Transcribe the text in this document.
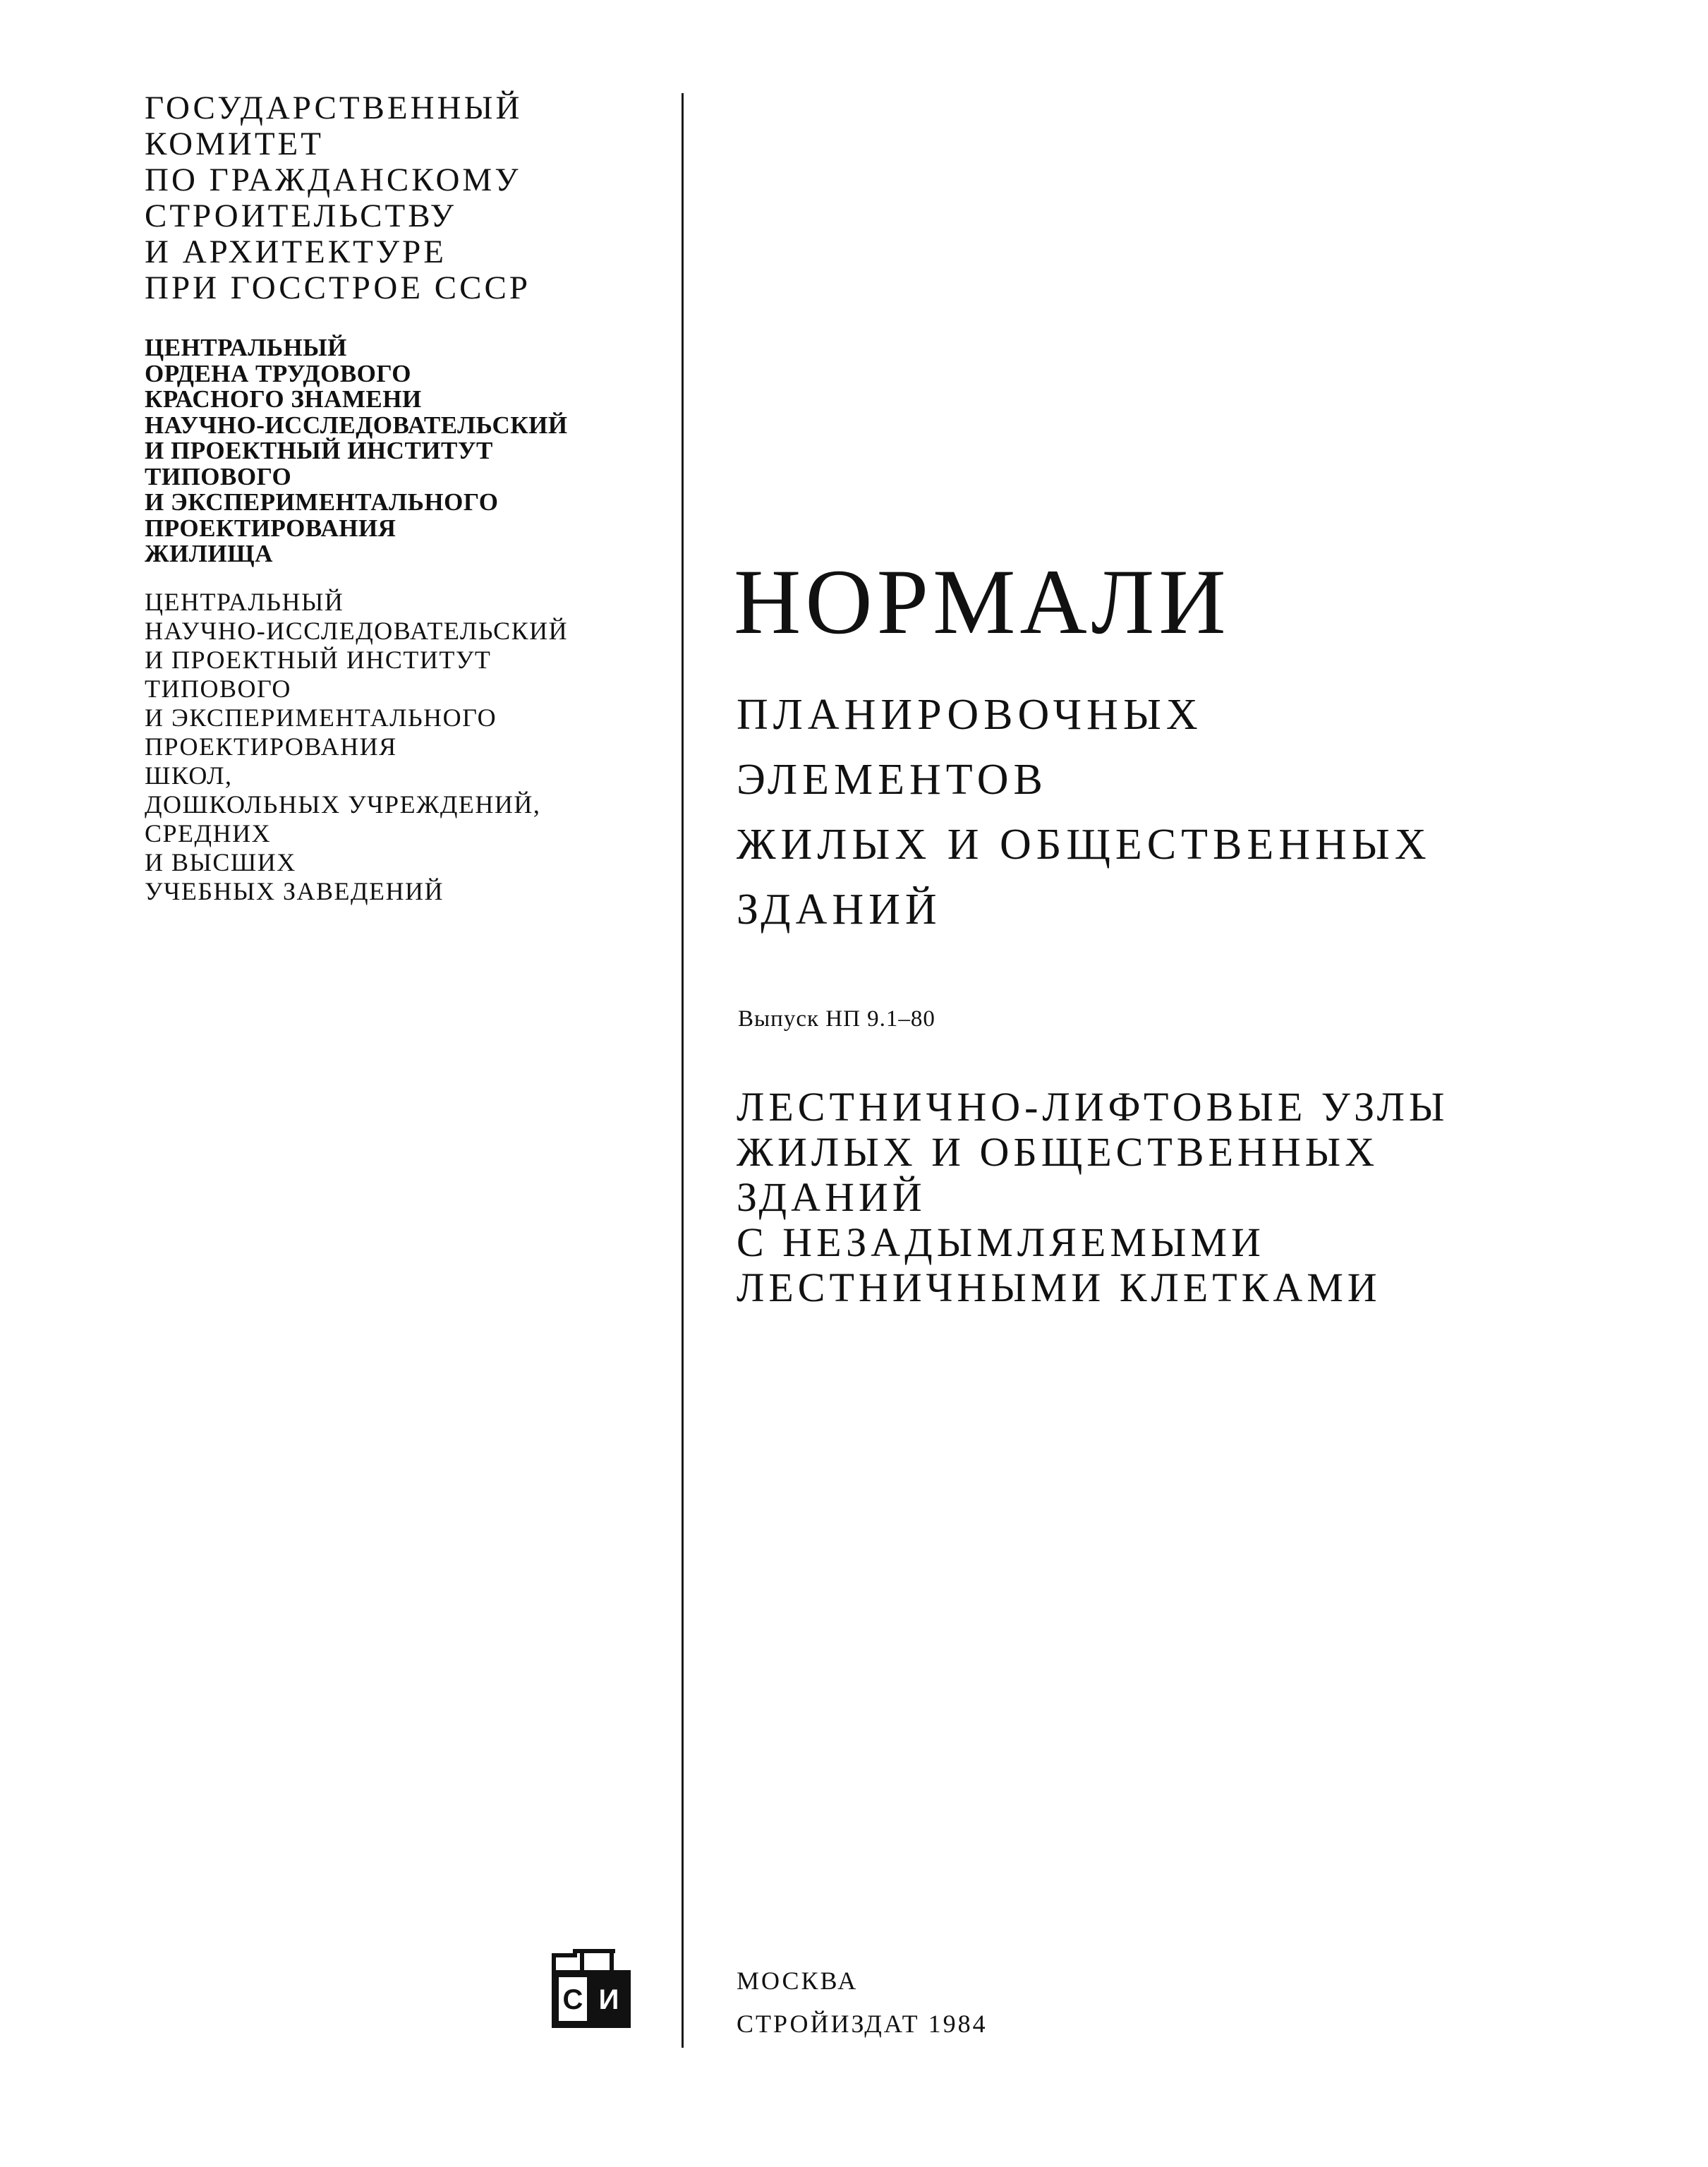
ГОСУДАРСТВЕННЫЙ
КОМИТЕТ
ПО ГРАЖДАНСКОМУ
СТРОИТЕЛЬСТВУ
И АРХИТЕКТУРЕ
ПРИ ГОССТРОЕ СССР

ЦЕНТРАЛЬНЫЙ
ОРДЕНА ТРУДОВОГО
КРАСНОГО ЗНАМЕНИ
НАУЧНО-ИССЛЕДОВАТЕЛЬСКИЙ
И ПРОЕКТНЫЙ ИНСТИТУТ
ТИПОВОГО
И ЭКСПЕРИМЕНТАЛЬНОГО
ПРОЕКТИРОВАНИЯ
ЖИЛИЩА

ЦЕНТРАЛЬНЫЙ
НАУЧНО-ИССЛЕДОВАТЕЛЬСКИЙ
И ПРОЕКТНЫЙ ИНСТИТУТ
ТИПОВОГО
И ЭКСПЕРИМЕНТАЛЬНОГО
ПРОЕКТИРОВАНИЯ
ШКОЛ,
ДОШКОЛЬНЫХ УЧРЕЖДЕНИЙ,
СРЕДНИХ
И ВЫСШИХ
УЧЕБНЫХ ЗАВЕДЕНИЙ

НОРМАЛИ

ПЛАНИРОВОЧНЫХ
ЭЛЕМЕНТОВ
ЖИЛЫХ И ОБЩЕСТВЕННЫХ
ЗДАНИЙ

Выпуск НП 9.1–80

ЛЕСТНИЧНО-ЛИФТОВЫЕ УЗЛЫ
ЖИЛЫХ И ОБЩЕСТВЕННЫХ
ЗДАНИЙ
С НЕЗАДЫМЛЯЕМЫМИ
ЛЕСТНИЧНЫМИ КЛЕТКАМИ

С И

МОСКВА

СТРОЙИЗДАТ 1984
